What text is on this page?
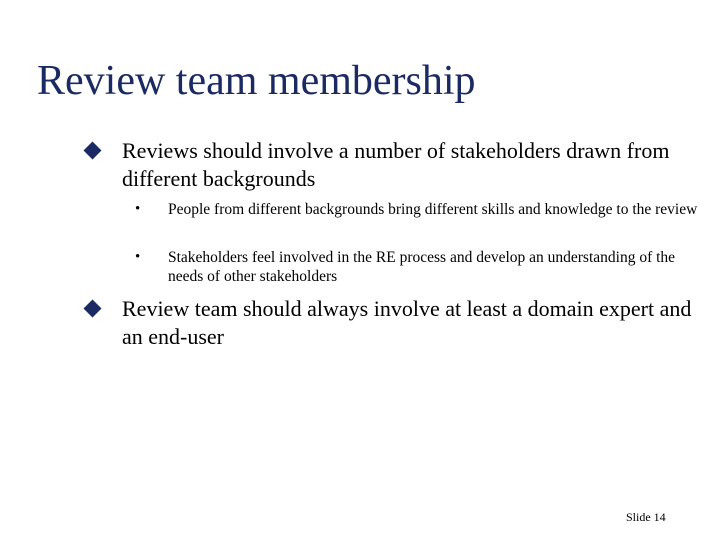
Review team membership
Reviews should involve a number of stakeholders drawn from different backgrounds
• People from different backgrounds bring different skills and knowledge to the review
• Stakeholders feel involved in the RE process and develop an understanding of the needs of other stakeholders
Review team should always involve at least a domain expert and an end-user
Slide 14
